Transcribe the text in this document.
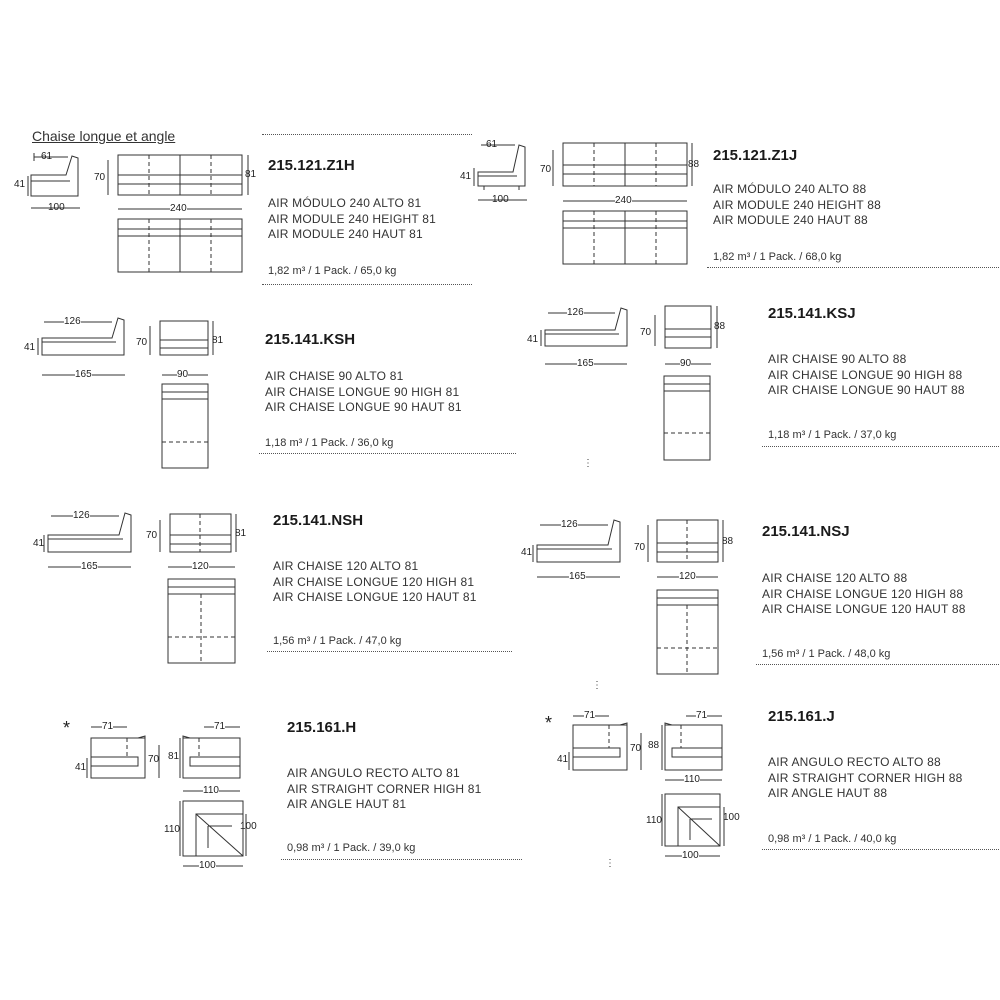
Chaise longue et angle
215.121.Z1H
AIR MÓDULO 240 ALTO 81
AIR MODULE 240 HEIGHT 81
AIR MODULE 240 HAUT 81
1,82 m³ / 1 Pack. / 65,0 kg
61
41
100
70
240
81
215.121.Z1J
AIR MÓDULO 240 ALTO 88
AIR MODULE 240 HEIGHT 88
AIR MODULE 240 HAUT 88
1,82 m³ / 1 Pack. / 68,0 kg
61
41
100
70
240
88
215.141.KSH
AIR CHAISE 90 ALTO 81
AIR CHAISE LONGUE 90 HIGH 81
AIR CHAISE LONGUE 90 HAUT 81
1,18 m³ / 1 Pack. / 36,0 kg
126
41
165
70
90
81
215.141.KSJ
AIR CHAISE 90 ALTO 88
AIR CHAISE LONGUE 90 HIGH 88
AIR CHAISE LONGUE 90 HAUT 88
1,18 m³ / 1 Pack. / 37,0 kg
126
41
165
70
90
88
⋮
215.141.NSH
AIR CHAISE 120 ALTO 81
AIR CHAISE LONGUE 120 HIGH 81
AIR CHAISE LONGUE 120 HAUT 81
1,56 m³ / 1 Pack. / 47,0 kg
126
41
165
70
120
81	215.141.NSJ
AIR CHAISE 120 ALTO 88
AIR CHAISE LONGUE 120 HIGH 88
AIR CHAISE LONGUE 120 HAUT 88
1,56 m³ / 1 Pack. / 48,0 kg
126
41
165
70
120
88
⋮
*	215.161.H
AIR ANGULO RECTO ALTO 81
AIR STRAIGHT CORNER HIGH 81
AIR ANGLE HAUT 81
0,98 m³ / 1 Pack. / 39,0 kg
71	71
41
70 81
110
110	100
100
*	215.161.J
AIR ANGULO RECTO ALTO 88
AIR STRAIGHT CORNER HIGH 88
AIR ANGLE HAUT 88
0,98 m³ / 1 Pack. / 40,0 kg
71	71
41
70 88
110
110	100
100
⋮
